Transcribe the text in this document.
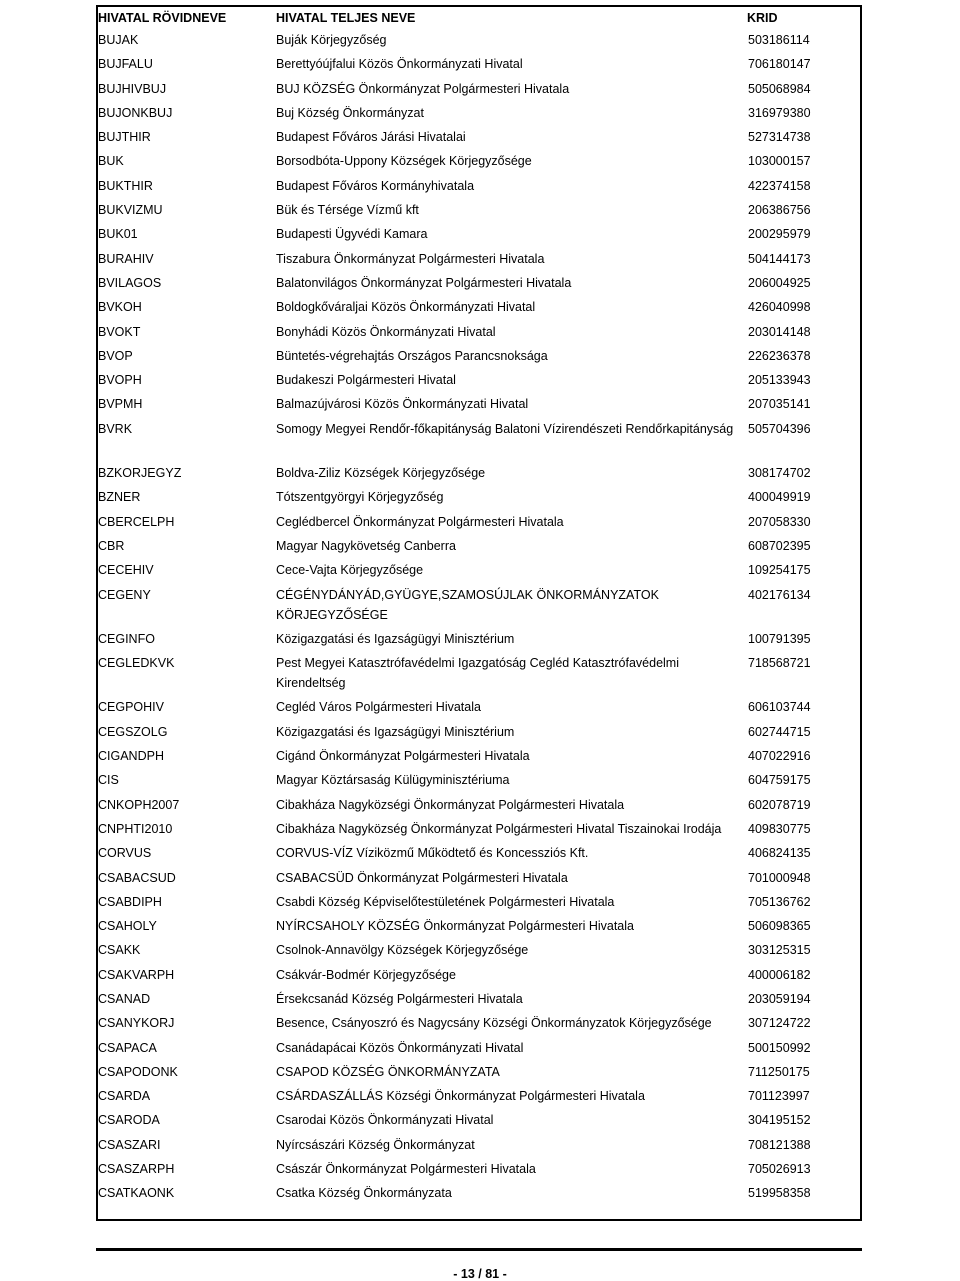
HIVATAL RÖVIDNEVE	HIVATAL TELJES NEVE	KRID
BUJAK	Buják Körjegyzőség	503186114
BUJFALU	Berettyóújfalui Közös Önkormányzati Hivatal	706180147
BUJHIVBUJ	BUJ KÖZSÉG Önkormányzat Polgármesteri Hivatala	505068984
BUJONKBUJ	Buj Község Önkormányzat	316979380
BUJTHIR	Budapest Főváros Járási Hivatalai	527314738
BUK	Borsodbóta-Uppony Községek Körjegyzősége	103000157
BUKTHIR	Budapest Főváros Kormányhivatala	422374158
BUKVIZMU	Bük és Térsége Vízmű kft	206386756
BUK01	Budapesti Ügyvédi Kamara	200295979
BURAHIV	Tiszabura Önkormányzat Polgármesteri Hivatala	504144173
BVILAGOS	Balatonvilágos Önkormányzat Polgármesteri Hivatala	206004925
BVKOH	Boldogkőváraljai Közös Önkormányzati Hivatal	426040998
BVOKT	Bonyhádi Közös Önkormányzati Hivatal	203014148
BVOP	Büntetés-végrehajtás Országos Parancsnoksága	226236378
BVOPH	Budakeszi Polgármesteri Hivatal	205133943
BVPMH	Balmazújvárosi Közös Önkormányzati Hivatal	207035141
BVRK	Somogy Megyei Rendőr-főkapitányság Balatoni Vízirendészeti Rendőrkapitányság	505704396
BZKORJEGYZ	Boldva-Ziliz Községek Körjegyzősége	308174702
BZNER	Tótszentgyörgyi Körjegyzőség	400049919
CBERCELPH	Ceglédbercel Önkormányzat Polgármesteri Hivatala	207058330
CBR	Magyar Nagykövetség Canberra	608702395
CECEHIV	Cece-Vajta Körjegyzősége	109254175
CEGENY	CÉGÉNYDÁNYÁD,GYÜGYE,SZAMOSÚJLAK ÖNKORMÁNYZATOK KÖRJEGYZŐSÉGE	402176134
CEGINFO	Közigazgatási és Igazságügyi Minisztérium	100791395
CEGLEDKVK	Pest Megyei Katasztrófavédelmi Igazgatóság Cegléd Katasztrófavédelmi Kirendeltség	718568721
CEGPOHIV	Cegléd Város Polgármesteri Hivatala	606103744
CEGSZOLG	Közigazgatási és Igazságügyi Minisztérium	602744715
CIGANDPH	Cigánd Önkormányzat Polgármesteri Hivatala	407022916
CIS	Magyar Köztársaság Külügyminisztériuma	604759175
CNKOPH2007	Cibakháza Nagyközségi Önkormányzat Polgármesteri Hivatala	602078719
CNPHTI2010	Cibakháza Nagyközség Önkormányzat Polgármesteri Hivatal Tiszainokai Irodája	409830775
CORVUS	CORVUS-VÍZ Víziközmű Működtető és Koncessziós Kft.	406824135
CSABACSUD	CSABACSÜD Önkormányzat Polgármesteri Hivatala	701000948
CSABDIPH	Csabdi Község Képviselőtestületének Polgármesteri Hivatala	705136762
CSAHOLY	NYÍRCSAHOLY KÖZSÉG Önkormányzat Polgármesteri Hivatala	506098365
CSAKK	Csolnok-Annavölgy Községek Körjegyzősége	303125315
CSAKVARPH	Csákvár-Bodmér Körjegyzősége	400006182
CSANAD	Érsekcsanád Község Polgármesteri Hivatala	203059194
CSANYKORJ	Besence, Csányoszró és Nagycsány Községi Önkormányzatok Körjegyzősége	307124722
CSAPACA	Csanádapácai Közös Önkormányzati Hivatal	500150992
CSAPODONK	CSAPOD KÖZSÉG ÖNKORMÁNYZATA	711250175
CSARDA	CSÁRDASZÁLLÁS Községi Önkormányzat Polgármesteri Hivatala	701123997
CSARODA	Csarodai Közös Önkormányzati Hivatal	304195152
CSASZARI	Nyírcsászári Község Önkormányzat	708121388
CSASZARPH	Császár Önkormányzat Polgármesteri Hivatala	705026913
CSATKAONK	Csatka Község Önkormányzata	519958358
- 13 / 81 -
